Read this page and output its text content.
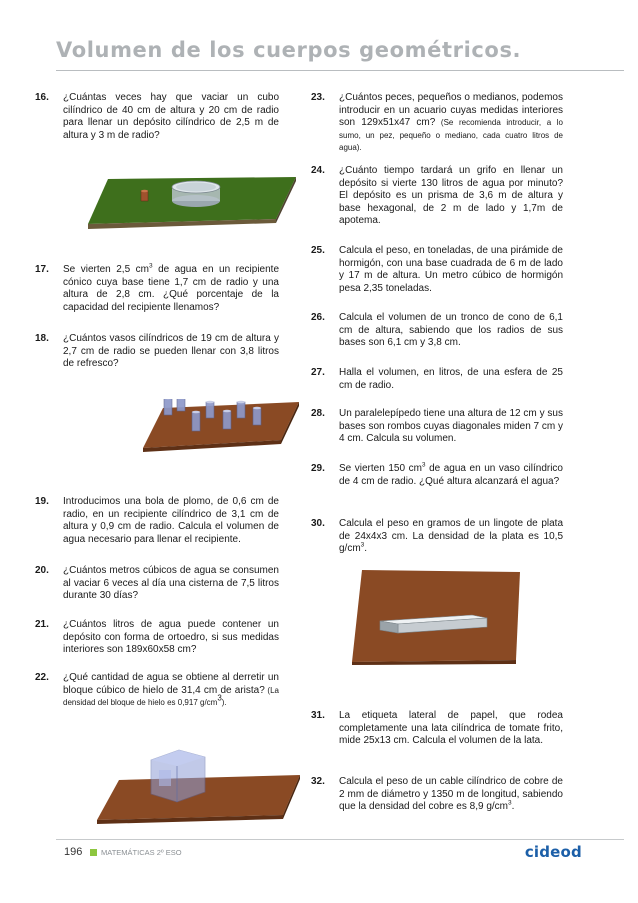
Volumen de los cuerpos geométricos.
16. ¿Cuántas veces hay que vaciar un cubo cilíndrico de 40 cm de altura y 20 cm de radio para llenar un depósito cilíndrico de 2,5 m de altura y 3 m de radio?
17. Se vierten 2,5 $cm^3$ de agua en un recipiente cónico cuya base tiene 1,7 cm de radio y una altura de 2,8 cm. ¿Qué porcentaje de la capacidad del recipiente llenamos?
18. ¿Cuántos vasos cilíndricos de 19 cm de altura y 2,7 cm de radio se pueden llenar con 3,8 litros de refresco?
19. Introducimos una bola de plomo, de 0,6 cm de radio, en un recipiente cilíndrico de 3,1 cm de altura y 0,9 cm de radio. Calcula el volumen de agua necesario para llenar el recipiente.
20. ¿Cuántos metros cúbicos de agua se consumen al vaciar 6 veces al día una cisterna de 7,5 litros durante 30 días?
21. ¿Cuántos litros de agua puede contener un depósito con forma de ortoedro, si sus medidas interiores son 189x60x58 cm?
22. ¿Qué cantidad de agua se obtiene al derretir un bloque cúbico de hielo de 31,4 cm de arista? (La densidad del bloque de hielo es 0,917 g/cm$^3$).
23. ¿Cuántos peces, pequeños o medianos, podemos introducir en un acuario cuyas medidas interiores son 129x51x47 cm? (Se recomienda introducir, a lo sumo, un pez, pequeño o mediano, cada cuatro litros de agua).
24. ¿Cuánto tiempo tardará un grifo en llenar un depósito si vierte 130 litros de agua por minuto? El depósito es un prisma de 3,6 m de altura y base hexagonal, de 2 m de lado y 1,7m de apotema.
25. Calcula el peso, en toneladas, de una pirámide de hormigón, con una base cuadrada de 6 m de lado y 17 m de altura. Un metro cúbico de hormigón pesa 2,35 toneladas.
26. Calcula el volumen de un tronco de cono de 6,1 cm de altura, sabiendo que los radios de sus bases son 6,1 cm y 3,8 cm.
27. Halla el volumen, en litros, de una esfera de 25 cm de radio.
28. Un paralelepípedo tiene una altura de 12 cm y sus bases son rombos cuyas diagonales miden 7 cm y 4 cm. Calcula su volumen.
29. Se vierten 150 $cm^3$ de agua en un vaso cilíndrico de 4 cm de radio. ¿Qué altura alcanzará el agua?
30. Calcula el peso en gramos de un lingote de plata de 24x4x3 cm. La densidad de la plata es 10,5 $g/cm^3$.
31. La etiqueta lateral de papel, que rodea completamente una lata cilíndrica de tomate frito, mide 25x13 cm. Calcula el volumen de la lata.
32. Calcula el peso de un cable cilíndrico de cobre de 2 mm de diámetro y 1350 m de longitud, sabiendo que la densidad del cobre es 8,9 $g/cm^3$.
196 MATEMÁTICAS 2º ESO	cideod
